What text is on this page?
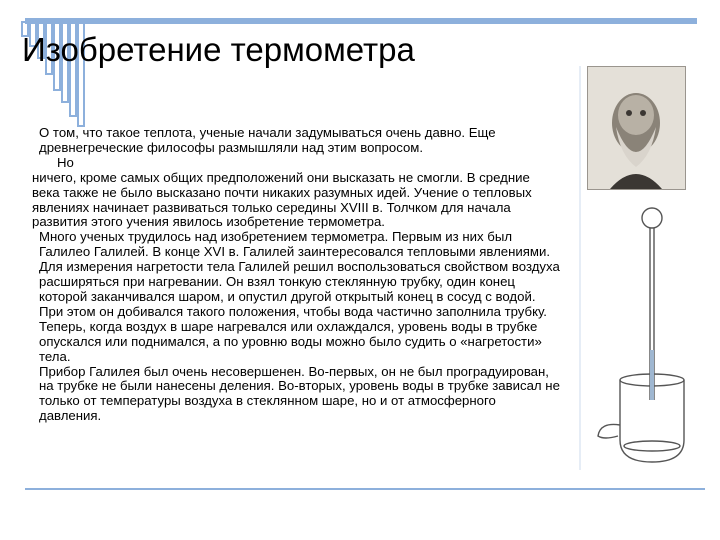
Изобретение термометра

О том, что такое теплота, ученые начали задумываться очень давно. Еще древнегреческие философы размышляли над этим вопросом.

Но

ничего, кроме самых общих предположений они высказать не смогли. В средние века также не было высказано почти никаких разумных идей. Учение о тепловых явлениях начинает развиваться только середины XVIII в. Толчком для начала развития этого учения явилось изобретение термометра.

Много ученых трудилось над изобретением термометра. Первым из них был Галилео Галилей. В конце XVI в. Галилей заинтересовался тепловыми явлениями. Для измерения нагретости тела Галилей решил воспользоваться свойством воздуха расширяться при нагревании. Он взял тонкую стеклянную трубку, один конец которой заканчивался шаром, и опустил другой открытый конец в сосуд с водой. При этом он добивался такого положения, чтобы вода частично заполнила трубку. Теперь, когда воздух в шаре нагревался или охлаждался, уровень воды в трубке опускался или поднимался, а по уровню воды можно было судить о «нагретости» тела.

Прибор Галилея был очень несовершенен. Во-первых, он не был проградуирован, на трубке не были нанесены деления. Во-вторых, уровень воды в трубке зависал не только от температуры воздуха в стеклянном шаре, но и от атмосферного давления.
